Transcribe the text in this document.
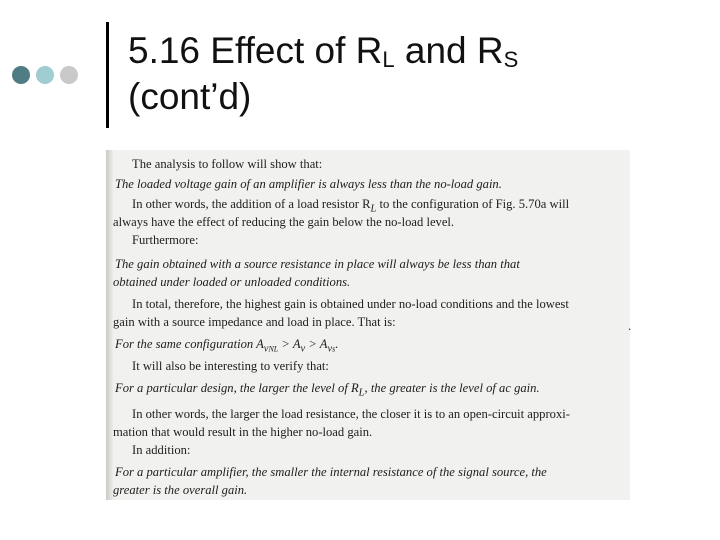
5.16 Effect of $R_L$ and $R_S$
(cont’d)
The analysis to follow will show that:
The loaded voltage gain of an amplifier is always less than the no-load gain.
In other words, the addition of a load resistor $R_L$ to the configuration of Fig. 5.70a will
always have the effect of reducing the gain below the no-load level.
Furthermore:
The gain obtained with a source resistance in place will always be less than that
obtained under loaded or unloaded conditions.
In total, therefore, the highest gain is obtained under no-load conditions and the lowest
gain with a source impedance and load in place. That is:
For the same configuration $A_{vNL} > A_v > A_{vs}$.
It will also be interesting to verify that:
For a particular design, the larger the level of $R_L$, the greater is the level of ac gain.
In other words, the larger the load resistance, the closer it is to an open-circuit approxi-
mation that would result in the higher no-load gain.
In addition:
For a particular amplifier, the smaller the internal resistance of the signal source, the
greater is the overall gain.
.
